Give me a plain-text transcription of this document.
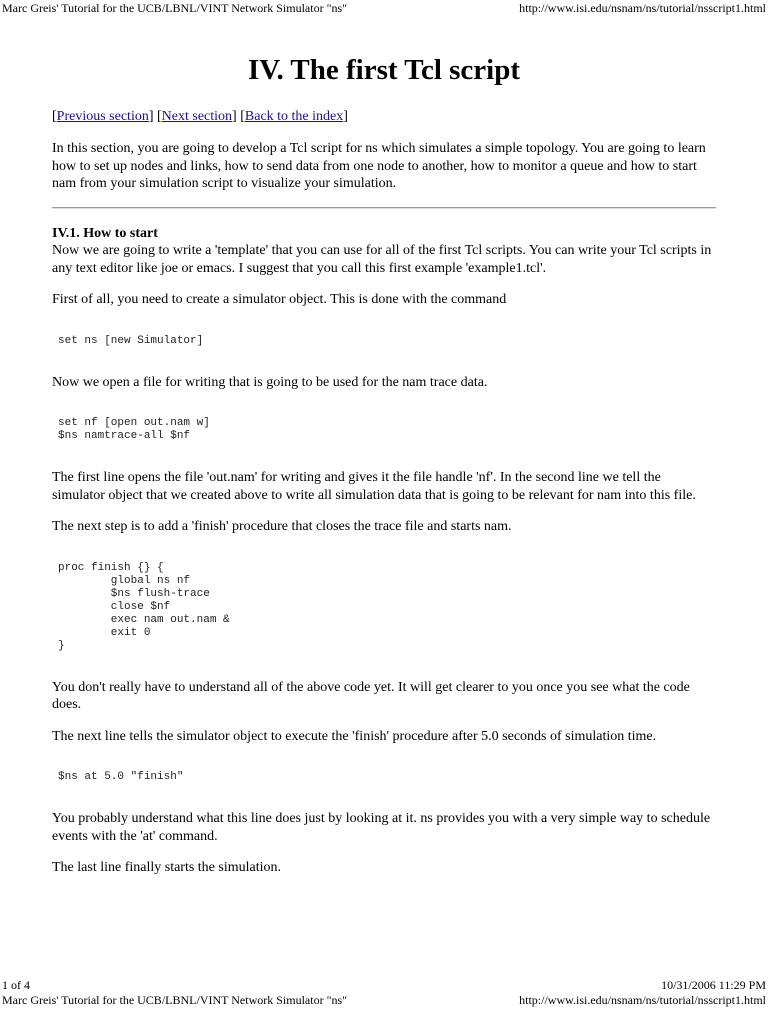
Marc Greis' Tutorial for the UCB/LBNL/VINT Network Simulator "ns"	http://www.isi.edu/nsnam/ns/tutorial/nsscript1.html
IV. The first Tcl script
[Previous section] [Next section] [Back to the index]

In this section, you are going to develop a Tcl script for ns which simulates a simple topology. You are going to learn how to set up nodes and links, how to send data from one node to another, how to monitor a queue and how to start nam from your simulation script to visualize your simulation.

IV.1. How to start

Now we are going to write a 'template' that you can use for all of the first Tcl scripts. You can write your Tcl scripts in any text editor like joe or emacs. I suggest that you call this first example 'example1.tcl'.

First of all, you need to create a simulator object. This is done with the command

set ns [new Simulator]

Now we open a file for writing that is going to be used for the nam trace data.

set nf [open out.nam w]
$ns namtrace-all $nf

The first line opens the file 'out.nam' for writing and gives it the file handle 'nf'. In the second line we tell the simulator object that we created above to write all simulation data that is going to be relevant for nam into this file.

The next step is to add a 'finish' procedure that closes the trace file and starts nam.

proc finish {} {
global ns nf
$ns flush-trace
close $nf
exec nam out.nam &
exit 0
}

You don't really have to understand all of the above code yet. It will get clearer to you once you see what the code does.

The next line tells the simulator object to execute the 'finish' procedure after 5.0 seconds of simulation time.

$ns at 5.0 "finish"

You probably understand what this line does just by looking at it. ns provides you with a very simple way to schedule events with the 'at' command.

The last line finally starts the simulation.

1 of 4	10/31/2006 11:29 PM
Marc Greis' Tutorial for the UCB/LBNL/VINT Network Simulator "ns"	http://www.isi.edu/nsnam/ns/tutorial/nsscript1.html
